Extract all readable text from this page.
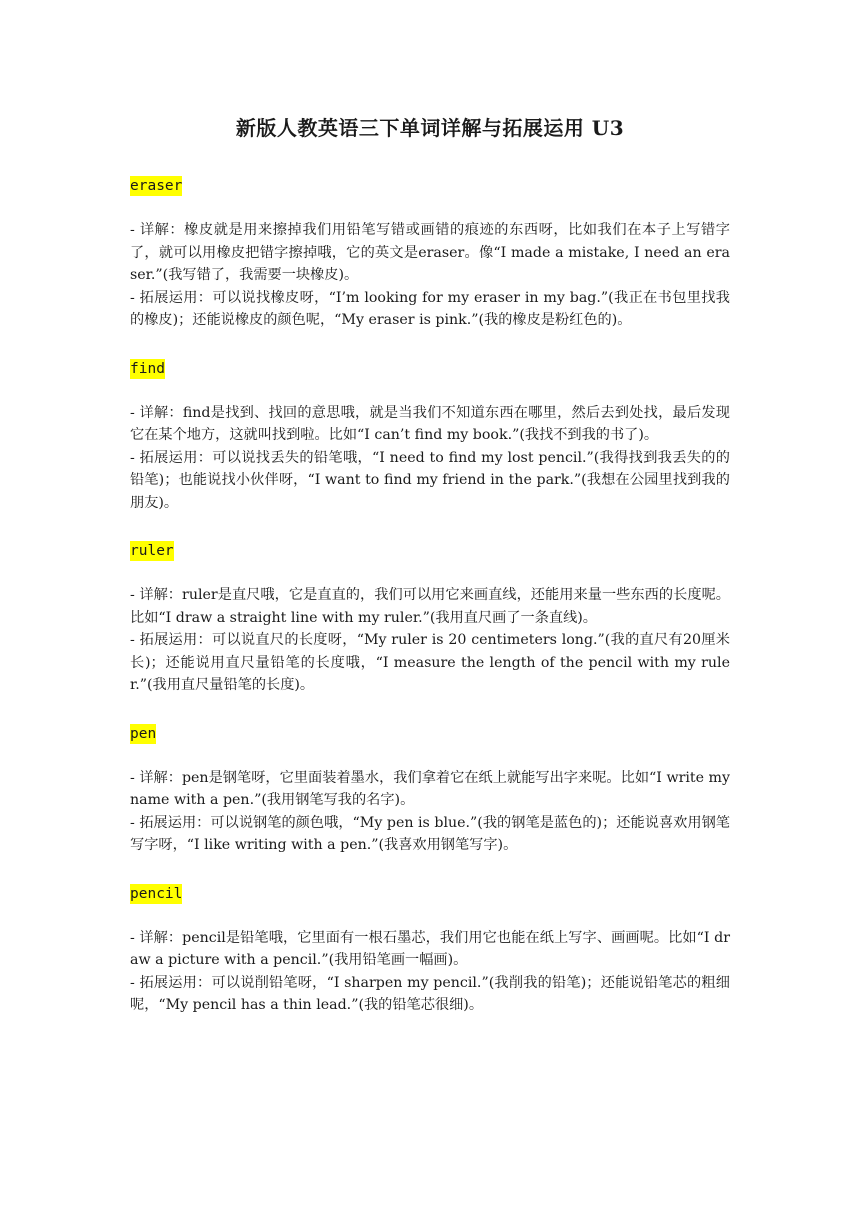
新版人教英语三下单词详解与拓展运用 U3

eraser

- 详解：橡皮就是用来擦掉我们用铅笔写错或画错的痕迹的东西呀，比如我们在本子上写错字了，就可以用橡皮把错字擦掉哦，它的英文是eraser。像“I made a mistake, I need an eraser.”(我写错了，我需要一块橡皮)。

- 拓展运用：可以说找橡皮呀，“I’m looking for my eraser in my bag.”(我正在书包里找我的橡皮)；还能说橡皮的颜色呢，“My eraser is pink.”(我的橡皮是粉红色的)。

find

- 详解：find是找到、找回的意思哦，就是当我们不知道东西在哪里，然后去到处找，最后发现它在某个地方，这就叫找到啦。比如“I can’t find my book.”(我找不到我的书了)。

- 拓展运用：可以说找丢失的铅笔哦，“I need to find my lost pencil.”(我得找到我丢失的的铅笔)；也能说找小伙伴呀，“I want to find my friend in the park.”(我想在公园里找到我的朋友)。

ruler

- 详解：ruler是直尺哦，它是直直的，我们可以用它来画直线，还能用来量一些东西的长度呢。比如“I draw a straight line with my ruler.”(我用直尺画了一条直线)。

- 拓展运用：可以说直尺的长度呀，“My ruler is 20 centimeters long.”(我的直尺有20厘米长)；还能说用直尺量铅笔的长度哦，“I measure the length of the pencil with my ruler.”(我用直尺量铅笔的长度)。

pen

- 详解：pen是钢笔呀，它里面装着墨水，我们拿着它在纸上就能写出字来呢。比如“I write my name with a pen.”(我用钢笔写我的名字)。

- 拓展运用：可以说钢笔的颜色哦，“My pen is blue.”(我的钢笔是蓝色的)；还能说喜欢用钢笔写字呀，“I like writing with a pen.”(我喜欢用钢笔写字)。

pencil

- 详解：pencil是铅笔哦，它里面有一根石墨芯，我们用它也能在纸上写字、画画呢。比如“I draw a picture with a pencil.”(我用铅笔画一幅画)。

- 拓展运用：可以说削铅笔呀，“I sharpen my pencil.”(我削我的铅笔)；还能说铅笔芯的粗细呢，“My pencil has a thin lead.”(我的铅笔芯很细)。
